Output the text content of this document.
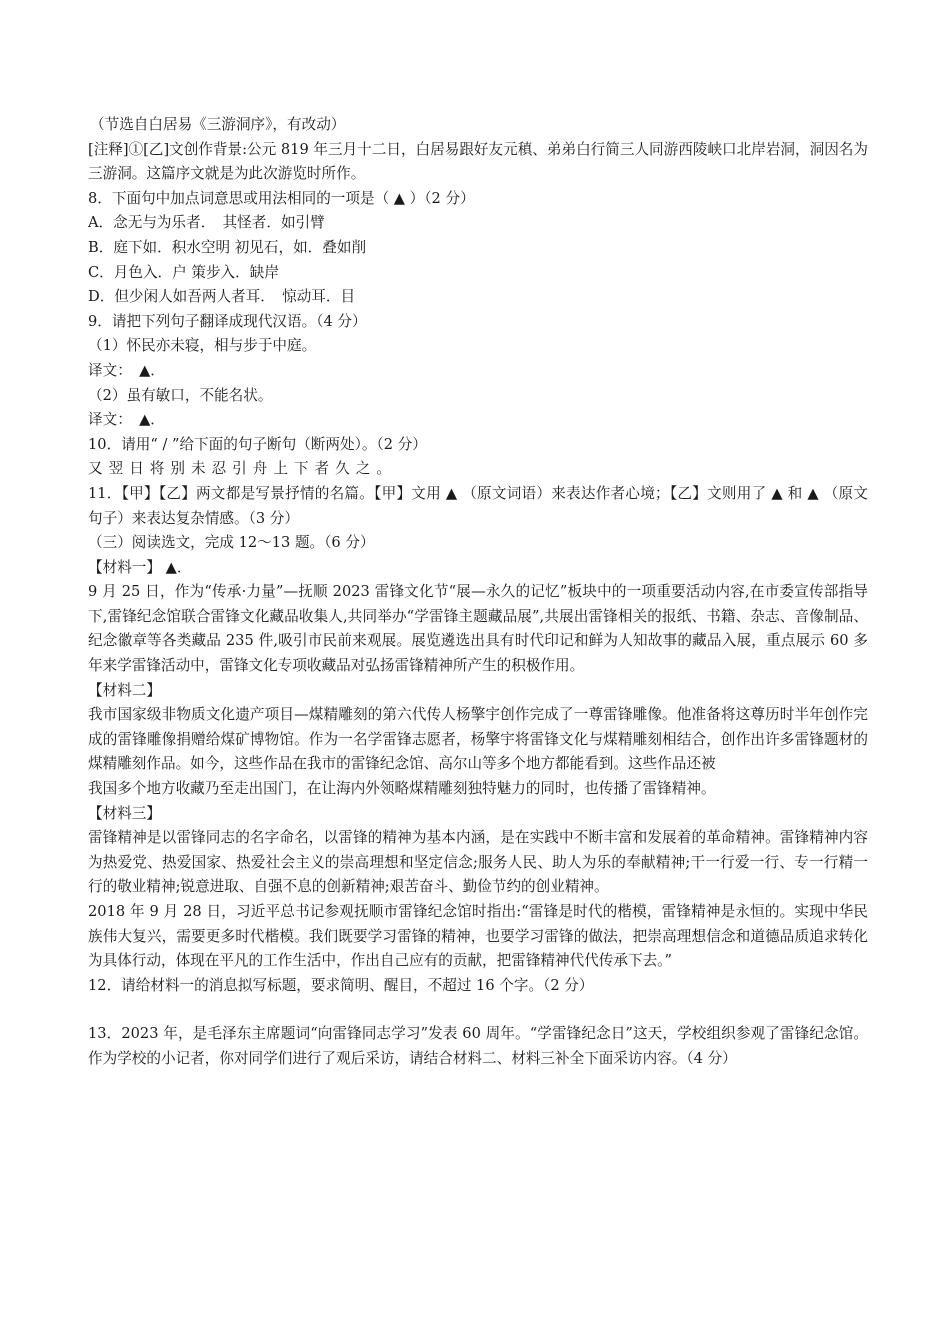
（节选自白居易《三游洞序》，有改动）
[注释]①[乙]文创作背景:公元 819 年三月十二日，白居易跟好友元稹、弟弟白行简三人同游西陵峡口北岸岩洞，洞因名为三游洞。这篇序文就是为此次游览时所作。
8．下面句中加点词意思或用法相同的一项是（ ▲ ）（2 分）
A．念无与为乐者．　其怪者．如引臂
B．庭下如．积水空明 初见石，如．叠如削
C．月色入．户 策步入．缺岸
D．但少闲人如吾两人者耳．　惊动耳．目
9．请把下列句子翻译成现代汉语。（4 分）
（1）怀民亦未寝，相与步于中庭。
译文：　▲．
（2）虽有敏口，不能名状。
译文：　▲．
10．请用“ / ”给下面的句子断句（断两处）。（2 分）
又翌日将别未忍引舟上下者久之。
11．【甲】【乙】两文都是写景抒情的名篇。【甲】文用 ▲ （原文词语）来表达作者心境；【乙】文则用了 ▲ 和 ▲ （原文句子）来表达复杂情感。（3 分）
（三）阅读选文，完成 12～13 题。（6 分）
【材料一】 ▲．
9 月 25 日，作为“传承·力量”—抚顺 2023 雷锋文化节“展—永久的记忆”板块中的一项重要活动内容,在市委宣传部指导下,雷锋纪念馆联合雷锋文化藏品收集人,共同举办“学雷锋主题藏品展”,共展出雷锋相关的报纸、书籍、杂志、音像制品、纪念徽章等各类藏品 235 件,吸引市民前来观展。展览遴选出具有时代印记和鲜为人知故事的藏品入展，重点展示 60 多年来学雷锋活动中，雷锋文化专项收藏品对弘扬雷锋精神所产生的积极作用。
【材料二】
我市国家级非物质文化遗产项目—煤精雕刻的第六代传人杨擎宇创作完成了一尊雷锋雕像。他准备将这尊历时半年创作完成的雷锋雕像捐赠给煤矿博物馆。作为一名学雷锋志愿者，杨擎宇将雷锋文化与煤精雕刻相结合，创作出许多雷锋题材的煤精雕刻作品。如今，这些作品在我市的雷锋纪念馆、高尔山等多个地方都能看到。这些作品还被
我国多个地方收藏乃至走出国门，在让海内外领略煤精雕刻独特魅力的同时，也传播了雷锋精神。
【材料三】
雷锋精神是以雷锋同志的名字命名，以雷锋的精神为基本内涵，是在实践中不断丰富和发展着的革命精神。雷锋精神内容为热爱党、热爱国家、热爱社会主义的崇高理想和坚定信念;服务人民、助人为乐的奉献精神;干一行爱一行、专一行精一行的敬业精神;锐意进取、自强不息的创新精神;艰苦奋斗、勤俭节约的创业精神。
2018 年 9 月 28 日，习近平总书记参观抚顺市雷锋纪念馆时指出:“雷锋是时代的楷模，雷锋精神是永恒的。实现中华民族伟大复兴，需要更多时代楷模。我们既要学习雷锋的精神，也要学习雷锋的做法，把崇高理想信念和道德品质追求转化为具体行动，体现在平凡的工作生活中，作出自己应有的贡献，把雷锋精神代代传承下去。”
12．请给材料一的消息拟写标题，要求简明、醒目，不超过 16 个字。（2 分）
13．2023 年，是毛泽东主席题词“向雷锋同志学习”发表 60 周年。“学雷锋纪念日”这天，学校组织参观了雷锋纪念馆。作为学校的小记者，你对同学们进行了观后采访，请结合材料二、材料三补全下面采访内容。（4 分）
